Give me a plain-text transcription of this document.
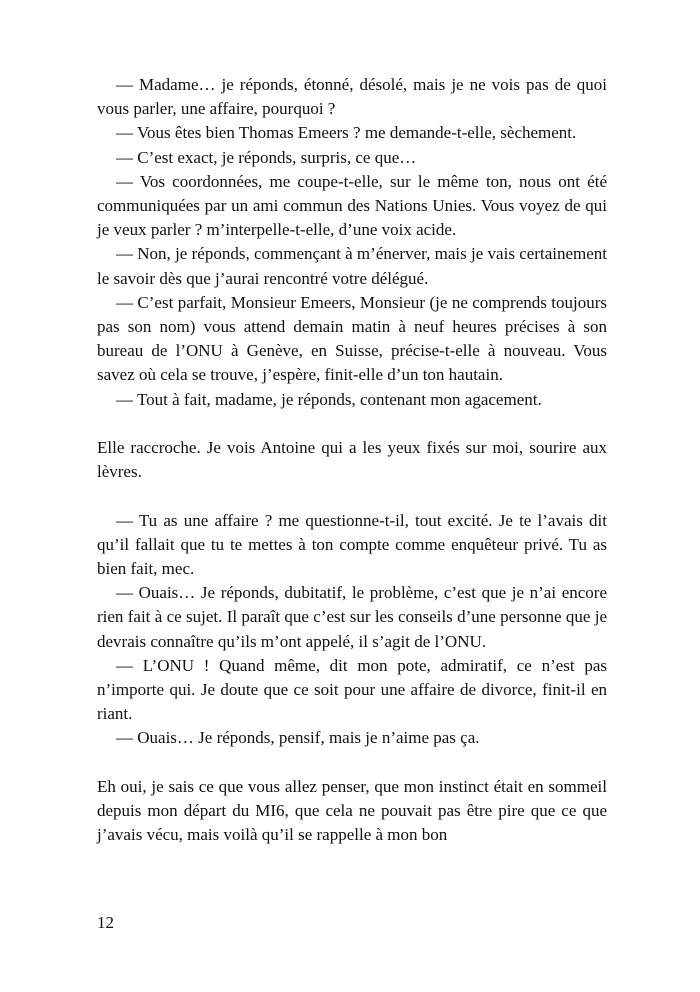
— Madame… je réponds, étonné, désolé, mais je ne vois pas de quoi vous parler, une affaire, pourquoi ?

— Vous êtes bien Thomas Emeers ? me demande-t-elle, sèchement.

— C’est exact, je réponds, surpris, ce que…

— Vos coordonnées, me coupe-t-elle, sur le même ton, nous ont été communiquées par un ami commun des Nations Unies. Vous voyez de qui je veux parler ? m’interpelle-t-elle, d’une voix acide.

— Non, je réponds, commençant à m’énerver, mais je vais certainement le savoir dès que j’aurai rencontré votre délégué.

— C’est parfait, Monsieur Emeers, Monsieur (je ne comprends toujours pas son nom) vous attend demain matin à neuf heures précises à son bureau de l’ONU à Genève, en Suisse, précise-t-elle à nouveau. Vous savez où cela se trouve, j’espère, finit-elle d’un ton hautain.

— Tout à fait, madame, je réponds, contenant mon agacement.

Elle raccroche. Je vois Antoine qui a les yeux fixés sur moi, sourire aux lèvres.

— Tu as une affaire ? me questionne-t-il, tout excité. Je te l’avais dit qu’il fallait que tu te mettes à ton compte comme enquêteur privé. Tu as bien fait, mec.

— Ouais… Je réponds, dubitatif, le problème, c’est que je n’ai encore rien fait à ce sujet. Il paraît que c’est sur les conseils d’une personne que je devrais connaître qu’ils m’ont appelé, il s’agit de l’ONU.

— L’ONU ! Quand même, dit mon pote, admiratif, ce n’est pas n’importe qui. Je doute que ce soit pour une affaire de divorce, finit-il en riant.

— Ouais… Je réponds, pensif, mais je n’aime pas ça.

Eh oui, je sais ce que vous allez penser, que mon instinct était en sommeil depuis mon départ du MI6, que cela ne pouvait pas être pire que ce que j’avais vécu, mais voilà qu’il se rappelle à mon bon

12
